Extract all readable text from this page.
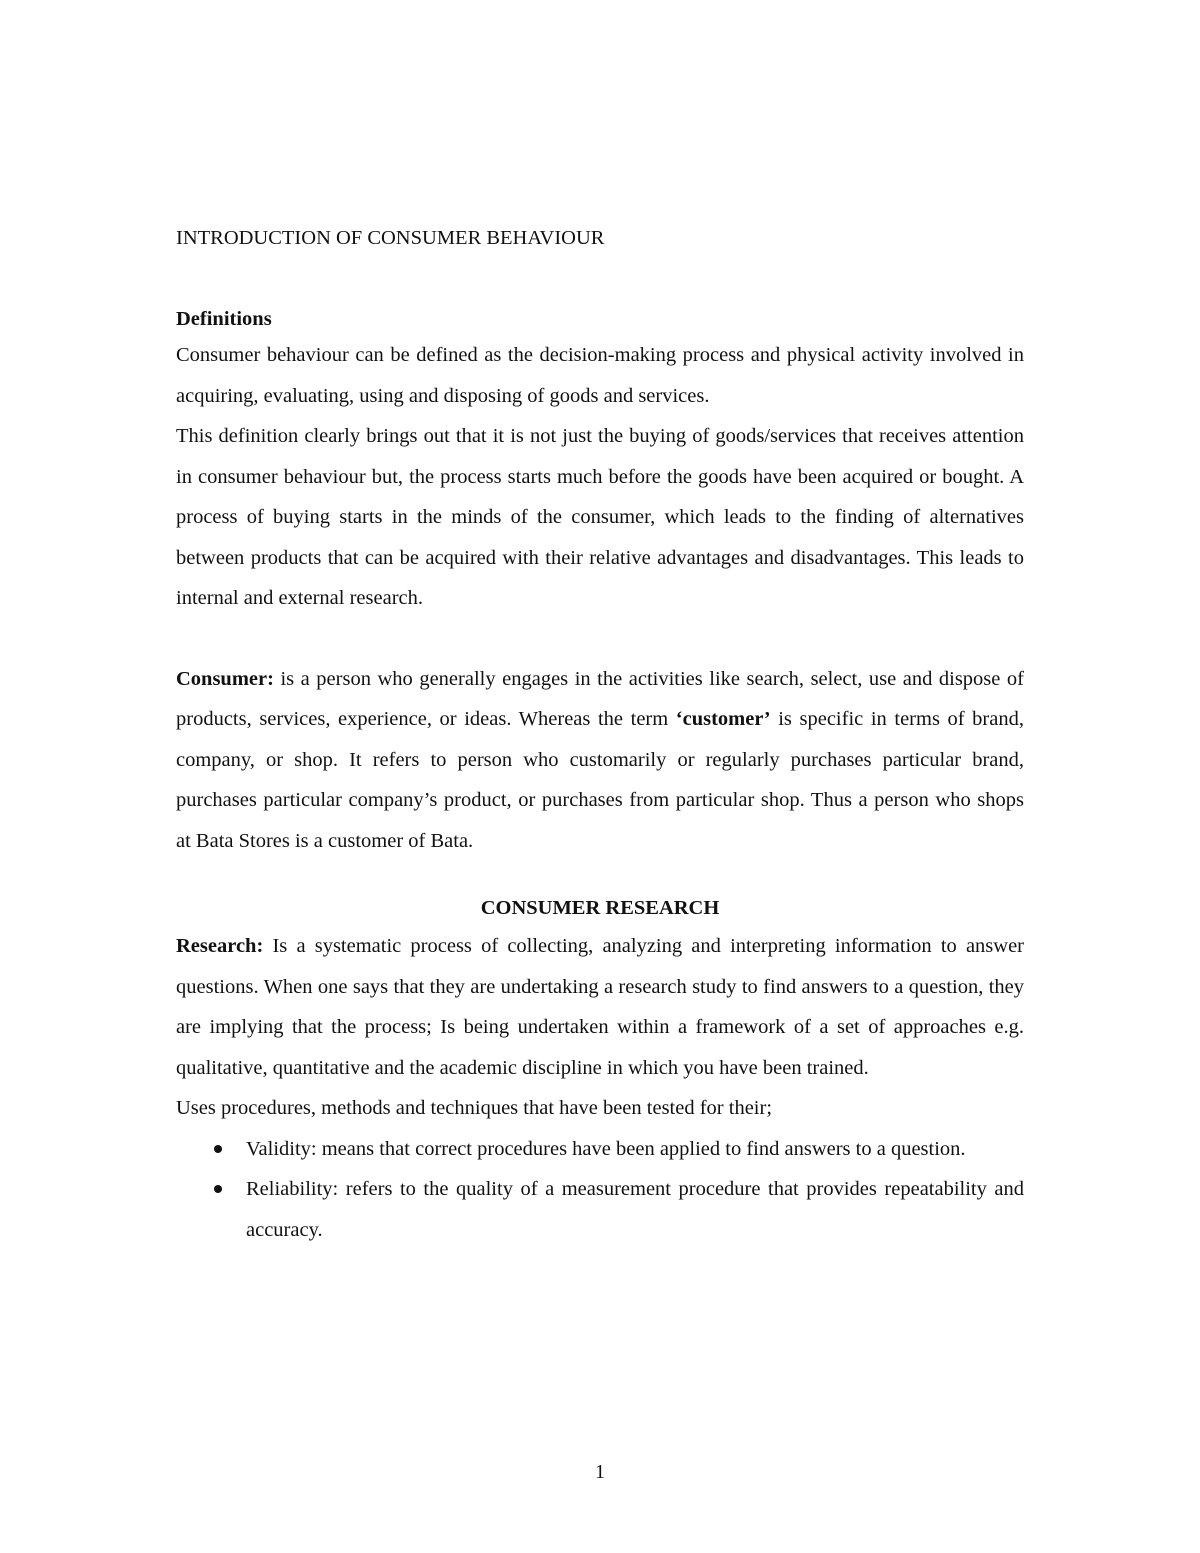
INTRODUCTION OF CONSUMER BEHAVIOUR
Definitions

Consumer behaviour can be defined as the decision-making process and physical activity involved in acquiring, evaluating, using and disposing of goods and services.

This definition clearly brings out that it is not just the buying of goods/services that receives attention in consumer behaviour but, the process starts much before the goods have been acquired or bought. A process of buying starts in the minds of the consumer, which leads to the finding of alternatives between products that can be acquired with their relative advantages and disadvantages. This leads to internal and external research.

Consumer: is a person who generally engages in the activities like search, select, use and dispose of products, services, experience, or ideas. Whereas the term ‘customer’ is specific in terms of brand, company, or shop. It refers to person who customarily or regularly purchases particular brand, purchases particular company’s product, or purchases from particular shop. Thus a person who shops at Bata Stores is a customer of Bata.

CONSUMER RESEARCH

Research: Is a systematic process of collecting, analyzing and interpreting information to answer questions. When one says that they are undertaking a research study to find answers to a question, they are implying that the process; Is being undertaken within a framework of a set of approaches e.g. qualitative, quantitative and the academic discipline in which you have been trained.

Uses procedures, methods and techniques that have been tested for their;

Validity: means that correct procedures have been applied to find answers to a question.
Reliability: refers to the quality of a measurement procedure that provides repeatability and accuracy.
1
